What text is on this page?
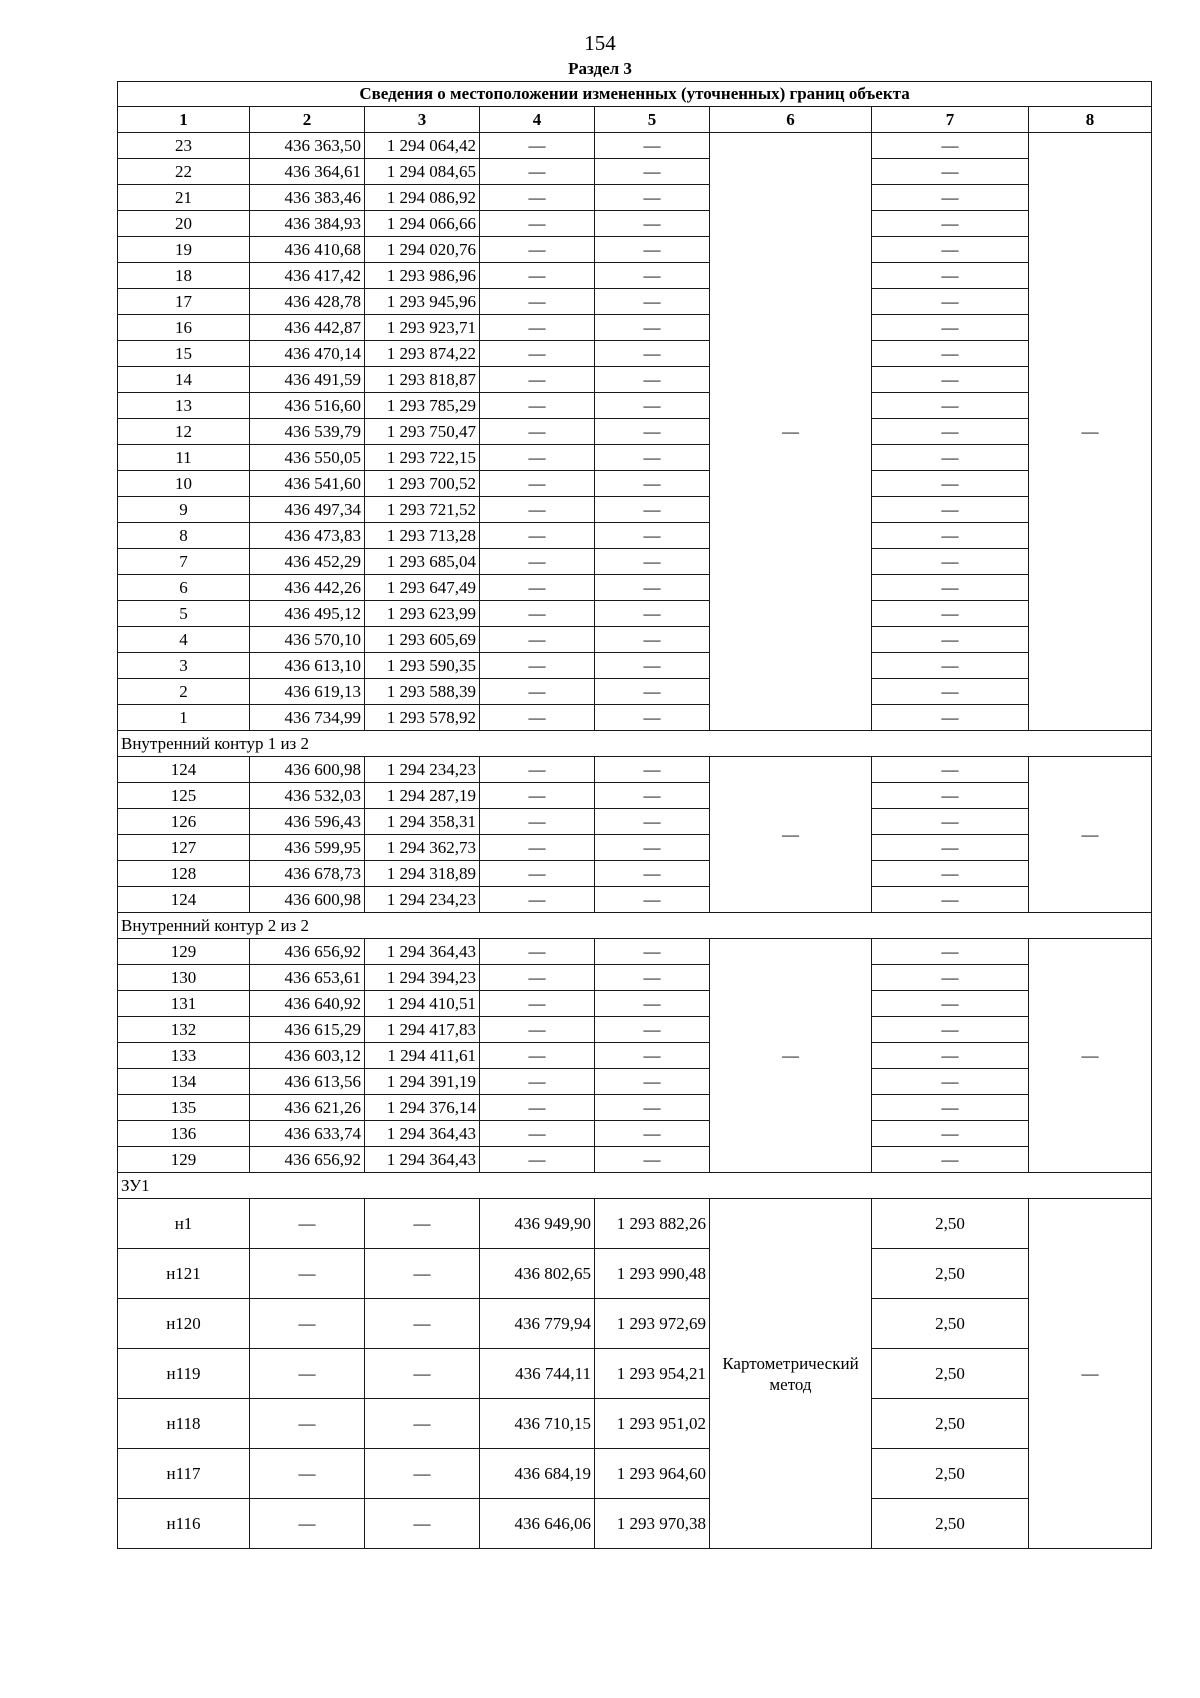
154
Раздел 3
Сведения о местоположении измененных (уточненных) границ объекта							
1	2	3	4	5	6	7	8
23	436 363,50	1 294 064,42	—	—	—	—	—
22	436 364,61	1 294 084,65	—	—		—	
21	436 383,46	1 294 086,92	—	—		—	
20	436 384,93	1 294 066,66	—	—		—	
19	436 410,68	1 294 020,76	—	—		—	
18	436 417,42	1 293 986,96	—	—		—	
17	436 428,78	1 293 945,96	—	—		—	
16	436 442,87	1 293 923,71	—	—		—	
15	436 470,14	1 293 874,22	—	—		—	
14	436 491,59	1 293 818,87	—	—		—	
13	436 516,60	1 293 785,29	—	—		—	
12	436 539,79	1 293 750,47	—	—		—	
11	436 550,05	1 293 722,15	—	—		—	
10	436 541,60	1 293 700,52	—	—		—	
9	436 497,34	1 293 721,52	—	—		—	
8	436 473,83	1 293 713,28	—	—		—	
7	436 452,29	1 293 685,04	—	—		—	
6	436 442,26	1 293 647,49	—	—		—	
5	436 495,12	1 293 623,99	—	—		—	
4	436 570,10	1 293 605,69	—	—		—	
3	436 613,10	1 293 590,35	—	—		—	
2	436 619,13	1 293 588,39	—	—		—	
1	436 734,99	1 293 578,92	—	—		—	
Внутренний контур 1 из 2							
124	436 600,98	1 294 234,23	—	—	—	—	—
125	436 532,03	1 294 287,19	—	—		—	
126	436 596,43	1 294 358,31	—	—		—	
127	436 599,95	1 294 362,73	—	—		—	
128	436 678,73	1 294 318,89	—	—		—	
124	436 600,98	1 294 234,23	—	—		—	
Внутренний контур 2 из 2							
129	436 656,92	1 294 364,43	—	—	—	—	—
130	436 653,61	1 294 394,23	—	—		—	
131	436 640,92	1 294 410,51	—	—		—	
132	436 615,29	1 294 417,83	—	—		—	
133	436 603,12	1 294 411,61	—	—		—	
134	436 613,56	1 294 391,19	—	—		—	
135	436 621,26	1 294 376,14	—	—		—	
136	436 633,74	1 294 364,43	—	—		—	
129	436 656,92	1 294 364,43	—	—		—	
ЗУ1							
н1	—	—	436 949,90	1 293 882,26	Картометрический метод	2,50	—
н121	—	—	436 802,65	1 293 990,48		2,50	
н120	—	—	436 779,94	1 293 972,69		2,50	
н119	—	—	436 744,11	1 293 954,21		2,50	
н118	—	—	436 710,15	1 293 951,02		2,50	
н117	—	—	436 684,19	1 293 964,60		2,50	
н116	—	—	436 646,06	1 293 970,38		2,50	
